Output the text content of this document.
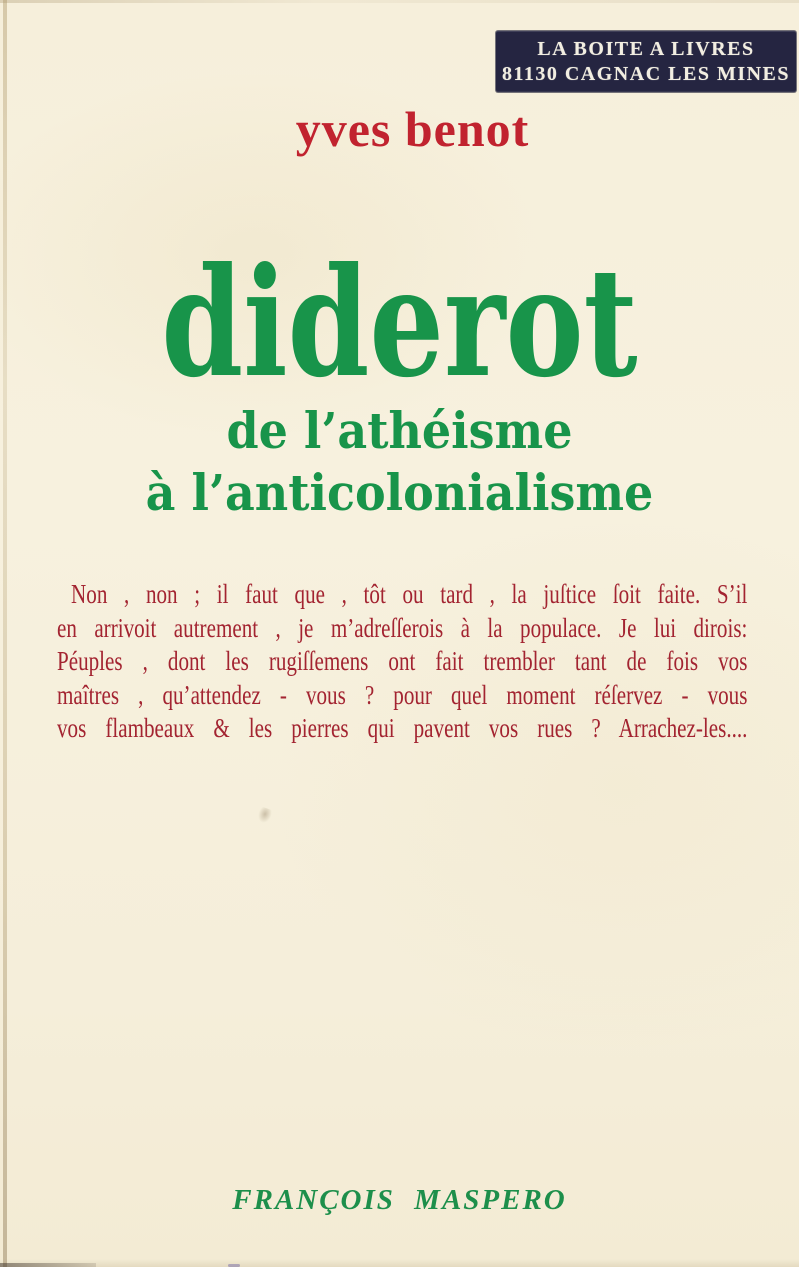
LA BOITE A LIVRES
81130 CAGNAC LES MINES
yves benot
diderot
de l’athéisme
à l’anticolonialisme
Non , non ; il faut que , tôt ou tard , la juſtice ſoit faite. S’il
en arrivoit autrement , je m’adreſſerois à la populace. Je lui dirois:
Péuples , dont les rugiſſemens ont fait trembler tant de fois vos
maîtres , qu’attendez - vous ? pour quel moment réſervez - vous
vos flambeaux & les pierres qui pavent vos rues ? Arrachez-les....
FRANÇOIS MASPERO
